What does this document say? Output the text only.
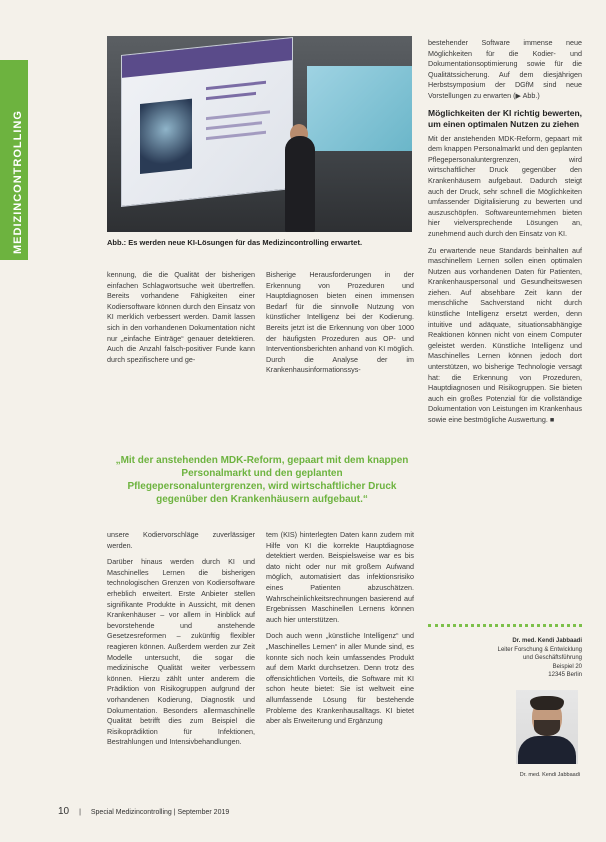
MEDIZINCONTROLLING	Abb.: Es werden neue KI-Lösungen für das Medizincontrolling erwartet.

kennung, die die Qualität der bisherigen einfachen Schlagwortsuche weit übertreffen. Bereits vorhandene Fähigkeiten einer Kodiersoftware können durch den Einsatz von KI merklich verbessert werden. Damit lassen sich in den vorhandenen Dokumentation nicht nur „einfache Einträge“ genauer detektieren. Auch die Anzahl falsch-positiver Funde kann durch spezifischere und ge-

Bisherige Herausforderungen in der Erkennung von Prozeduren und Hauptdiagnosen bieten einen immensen Bedarf für die sinnvolle Nutzung von künstlicher Intelligenz bei der Kodierung. Bereits jetzt ist die Erkennung von über 1000 der häufigsten Prozeduren aus OP- und Interventionsberichten anhand von KI möglich. Durch die Analyse der im Krankenhausinformationssys-

„Mit der anstehenden MDK-Reform, gepaart mit dem knappen Personalmarkt und den geplanten Pflegepersonaluntergrenzen, wird wirtschaftlicher Druck gegenüber den Krankenhäusern aufgebaut.“

unsere Kodiervorschläge zuverlässiger werden.

Darüber hinaus werden durch KI und Maschinelles Lernen die bisherigen technologischen Grenzen von Kodiersoftware erheblich erweitert. Erste Anbieter stellen signifikante Produkte in Aussicht, mit denen Krankenhäuser – vor allem in Hinblick auf bevorstehende und anstehende Gesetzesreformen – zukünftig flexibler reagieren können. Außerdem werden zur Zeit Modelle untersucht, die sogar die medizinische Qualität weiter verbessern können. Hierzu zählt unter anderem die Prädiktion von Risikogruppen aufgrund der vorhandenen Kodierung, Diagnostik und Dokumentation. Besonders allermaschinelle Qualität betrifft dies zum Beispiel die Risikoprädiktion für Infektionen, Bestrahlungen und Intensivbehandlungen.

tem (KIS) hinterlegten Daten kann zudem mit Hilfe von KI die korrekte Hauptdiagnose detektiert werden. Beispielsweise war es bis dato nicht oder nur mit großem Aufwand möglich, automatisiert das infektionsrisiko eines Patienten abzuschätzen. Wahrscheinlichkeitsrechnungen basierend auf Ergebnissen Maschinellen Lernens können auch hier unterstützen.

Doch auch wenn „künstliche Intelligenz“ und „Maschinelles Lernen“ in aller Munde sind, es konnte sich noch kein umfassendes Produkt auf dem Markt durchsetzen. Denn trotz des offensichtlichen Vorteils, die Software mit KI schon heute bietet: Sie ist weltweit eine allumfassende Lösung für bestehende Probleme des Krankenhausalltags. KI bietet aber als Erweiterung und Ergänzung

bestehender Software immense neue Möglichkeiten für die Kodier- und Dokumentationsoptimierung sowie für die Qualitätssicherung. Auf dem diesjährigen Herbstsymposium der DGfM sind neue Vorstellungen zu erwarten (▶ Abb.)

Möglichkeiten der KI richtig bewerten, um einen optimalen Nutzen zu ziehen

Mit der anstehenden MDK-Reform, gepaart mit dem knappen Personalmarkt und den geplanten Pflegepersonaluntergrenzen, wird wirtschaftlicher Druck gegenüber den Krankenhäusern aufgebaut. Dadurch steigt auch der Druck, sehr schnell die Möglichkeiten umfassender Digitalisierung zu bewerten und auszuschöpfen. Softwareunternehmen bieten hier vielversprechende Lösungen an, zunehmend auch durch den Einsatz von KI.

Zu erwartende neue Standards beinhalten auf maschinellem Lernen sollen einen optimalen Nutzen aus vorhandenen Daten für Patienten, Krankenhauspersonal und Gesundheitswesen ziehen. Auf absehbare Zeit kann der menschliche Sachverstand nicht durch künstliche Intelligenz ersetzt werden, denn intuitive und adäquate, situationsabhängige Reaktionen können nicht von einem Computer geleistet werden. Künstliche Intelligenz und Maschinelles Lernen können jedoch dort unterstützen, wo bisherige Technologie versagt hat: die Erkennung von Prozeduren, Hauptdiagnosen und Risikogruppen. Sie bieten auch ein großes Potenzial für die vollständige Dokumentation von Leistungen im Krankenhaus sowie eine bestmögliche Auswertung. ■

Dr. med. Kendi Jabbaadi
Leiter Forschung & Entwicklung
und Geschäftsführung
Beispiel 20
12345 Berlin
Dr. med. Kendi Jabbaadi
10 | Special Medizincontrolling | September 2019
